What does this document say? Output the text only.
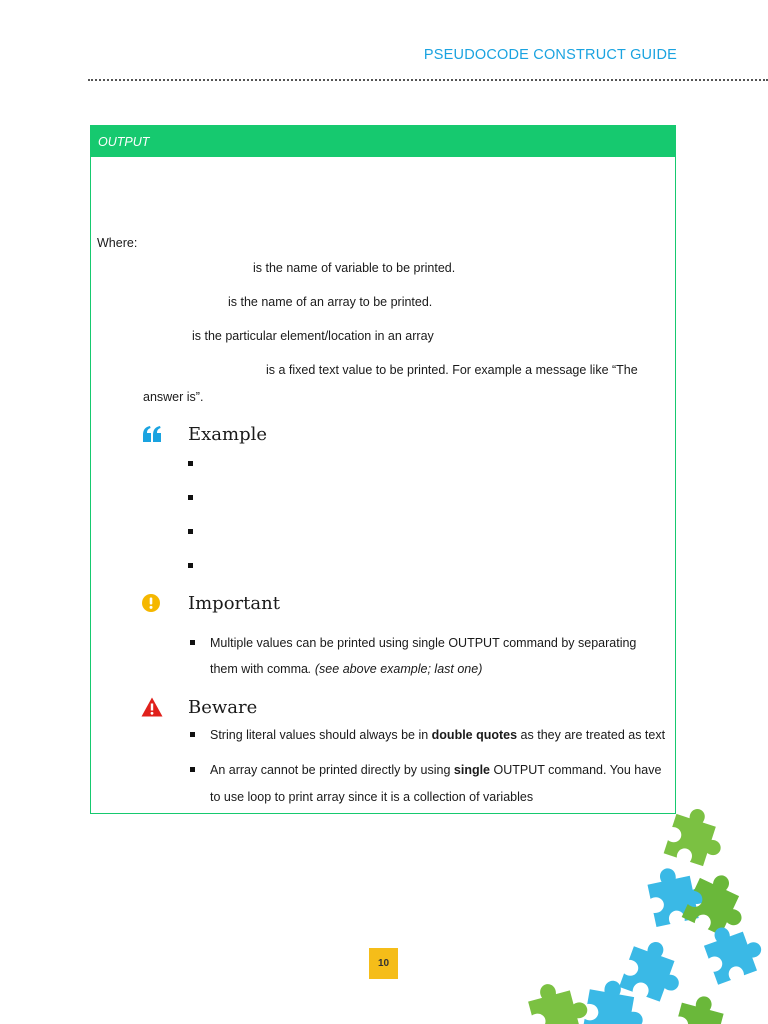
PSEUDOCODE CONSTRUCT GUIDE
OUTPUT
Where:
is the name of variable to be printed.
is the name of an array to be printed.
is the particular element/location in an array
is a fixed text value to be printed. For example a message like “The
answer is”.
Example
Important
Multiple values can be printed using single OUTPUT command by separating
them with comma. (see above example; last one)
Beware
String literal values should always be in double quotes as they are treated as text
An array cannot be printed directly by using single OUTPUT command. You have
to use loop to print array since it is a collection of variables
10
